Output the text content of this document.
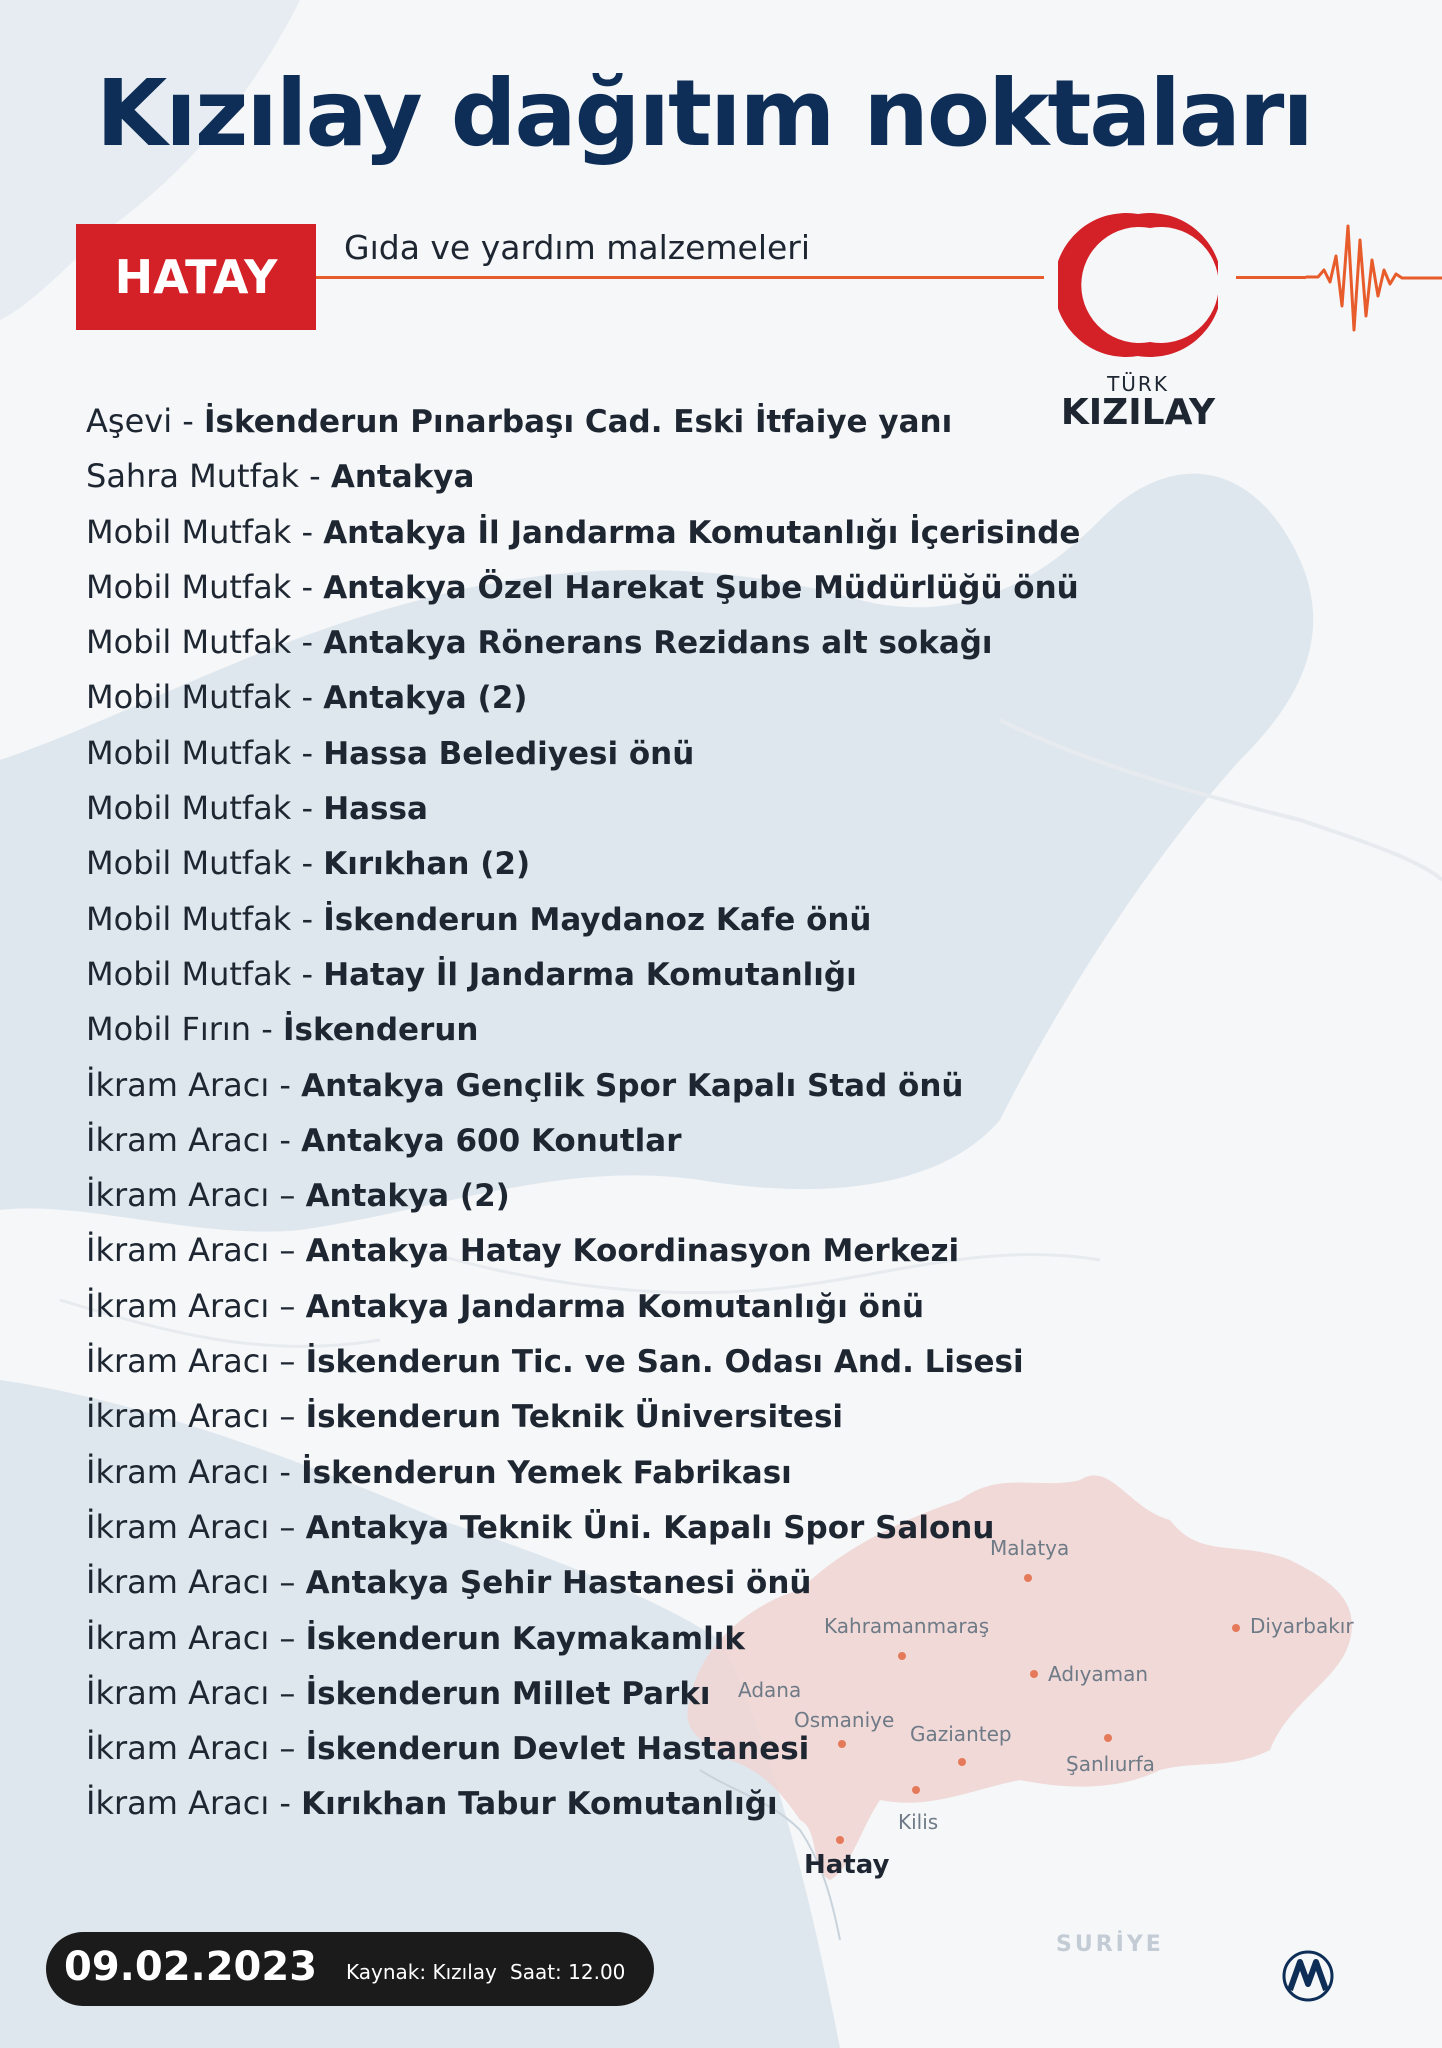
Kızılay dağıtım noktaları
HATAY
Gıda ve yardım malzemeleri
TÜRK
KIZILAY
Aşevi - İskenderun Pınarbaşı Cad. Eski İtfaiye yanı
Sahra Mutfak - Antakya
Mobil Mutfak - Antakya İl Jandarma Komutanlığı İçerisinde
Mobil Mutfak - Antakya Özel Harekat Şube Müdürlüğü önü
Mobil Mutfak - Antakya Rönerans Rezidans alt sokağı
Mobil Mutfak - Antakya (2)
Mobil Mutfak - Hassa Belediyesi önü
Mobil Mutfak - Hassa
Mobil Mutfak - Kırıkhan (2)
Mobil Mutfak - İskenderun Maydanoz Kafe önü
Mobil Mutfak - Hatay İl Jandarma Komutanlığı
Mobil Fırın - İskenderun
İkram Aracı - Antakya Gençlik Spor Kapalı Stad önü
İkram Aracı - Antakya 600 Konutlar
İkram Aracı – Antakya (2)
İkram Aracı – Antakya Hatay Koordinasyon Merkezi
İkram Aracı – Antakya Jandarma Komutanlığı önü
İkram Aracı – İskenderun Tic. ve San. Odası And. Lisesi
İkram Aracı – İskenderun Teknik Üniversitesi
İkram Aracı - İskenderun Yemek Fabrikası
İkram Aracı – Antakya Teknik Üni. Kapalı Spor Salonu
İkram Aracı – Antakya Şehir Hastanesi önü
İkram Aracı – İskenderun Kaymakamlık
İkram Aracı – İskenderun Millet Parkı
İkram Aracı – İskenderun Devlet Hastanesi
İkram Aracı - Kırıkhan Tabur Komutanlığı
Malatya
Kahramanmaraş	Diyarbakır
Adıyaman
Adana
Osmaniye
Gaziantep
Şanlıurfa
Kilis
Hatay
SURİYE
09.02.2023 Kaynak: Kızılay Saat: 12.00
